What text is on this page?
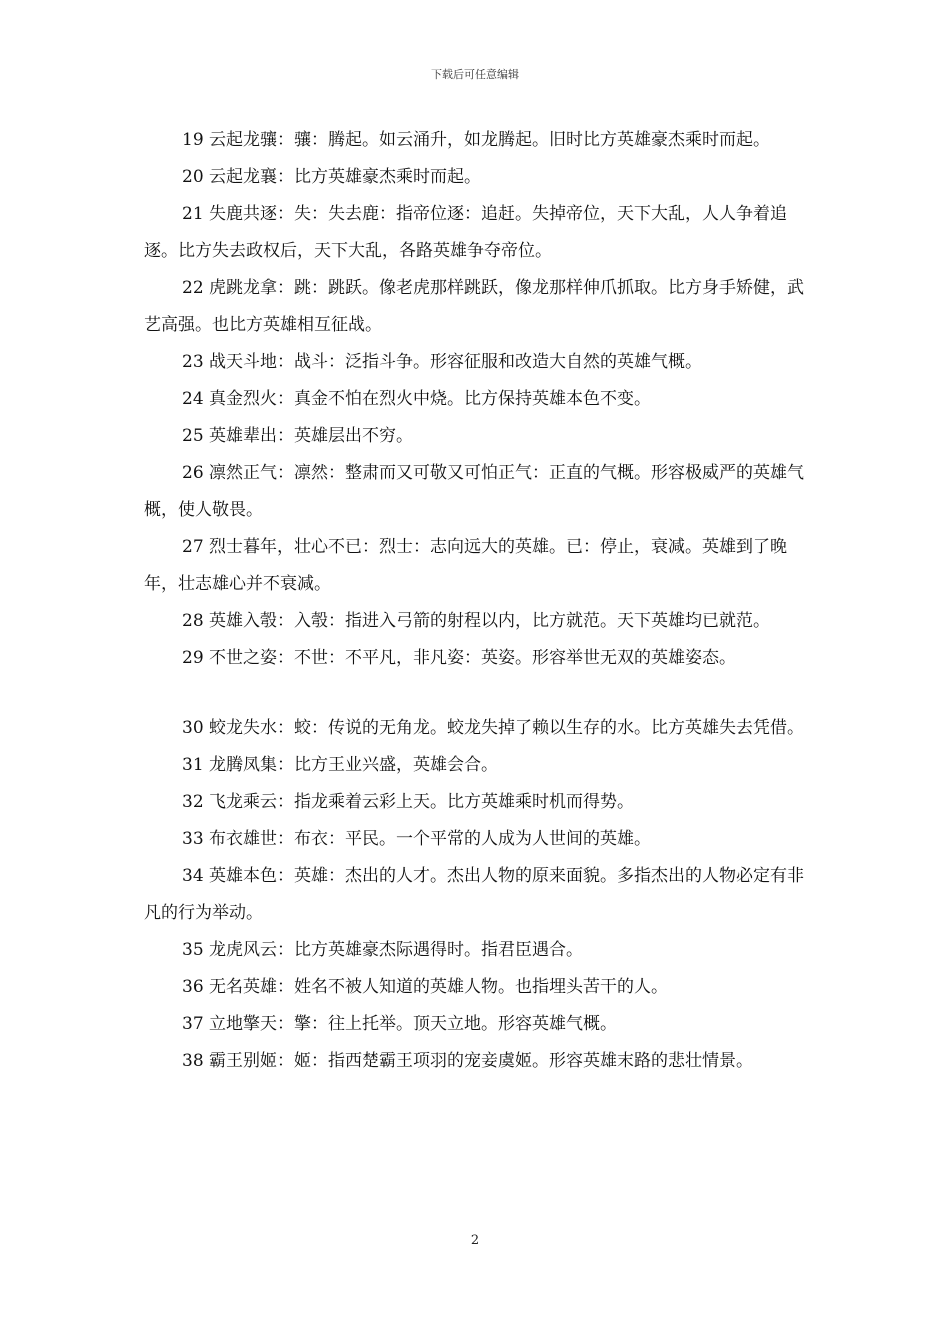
下载后可任意编辑

19 云起龙骧：骧：腾起。如云涌升，如龙腾起。旧时比方英雄豪杰乘时而起。

20 云起龙襄：比方英雄豪杰乘时而起。

21 失鹿共逐：失：失去鹿：指帝位逐：追赶。失掉帝位，天下大乱，人人争着追逐。比方失去政权后，天下大乱，各路英雄争夺帝位。

22 虎跳龙拿：跳：跳跃。像老虎那样跳跃，像龙那样伸爪抓取。比方身手矫健，武艺高强。也比方英雄相互征战。

23 战天斗地：战斗：泛指斗争。形容征服和改造大自然的英雄气概。

24 真金烈火：真金不怕在烈火中烧。比方保持英雄本色不变。

25 英雄辈出：英雄层出不穷。

26 凛然正气：凛然：整肃而又可敬又可怕正气：正直的气概。形容极威严的英雄气概，使人敬畏。

27 烈士暮年，壮心不已：烈士：志向远大的英雄。已：停止，衰减。英雄到了晚年，壮志雄心并不衰减。

28 英雄入彀：入彀：指进入弓箭的射程以内，比方就范。天下英雄均已就范。

29 不世之姿：不世：不平凡，非凡姿：英姿。形容举世无双的英雄姿态。

30 蛟龙失水：蛟：传说的无角龙。蛟龙失掉了赖以生存的水。比方英雄失去凭借。

31 龙腾凤集：比方王业兴盛，英雄会合。

32 飞龙乘云：指龙乘着云彩上天。比方英雄乘时机而得势。

33 布衣雄世：布衣：平民。一个平常的人成为人世间的英雄。

34 英雄本色：英雄：杰出的人才。杰出人物的原来面貌。多指杰出的人物必定有非凡的行为举动。

35 龙虎风云：比方英雄豪杰际遇得时。指君臣遇合。

36 无名英雄：姓名不被人知道的英雄人物。也指埋头苦干的人。

37 立地擎天：擎：往上托举。顶天立地。形容英雄气概。

38 霸王别姬：姬：指西楚霸王项羽的宠妾虞姬。形容英雄末路的悲壮情景。

2
